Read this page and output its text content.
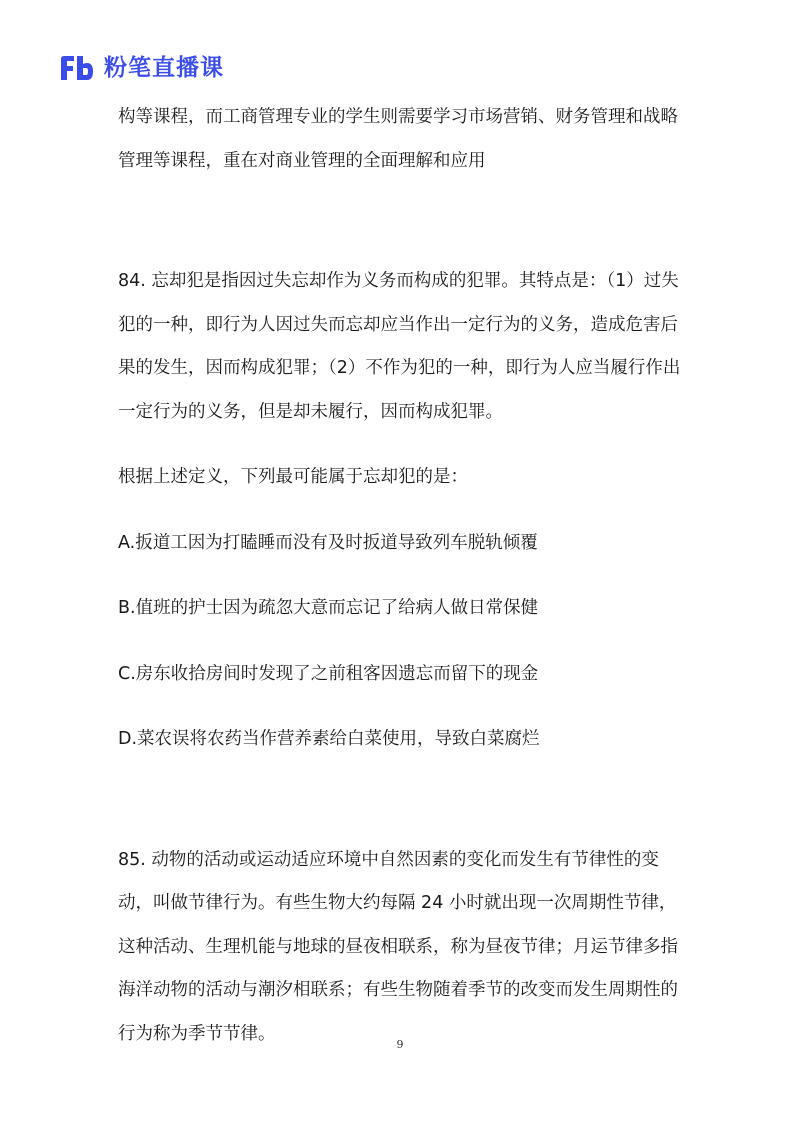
粉笔直播课

构等课程，而工商管理专业的学生则需要学习市场营销、财务管理和战略管理等课程，重在对商业管理的全面理解和应用

84. 忘却犯是指因过失忘却作为义务而构成的犯罪。其特点是：（1）过失犯的一种，即行为人因过失而忘却应当作出一定行为的义务，造成危害后果的发生，因而构成犯罪；（2）不作为犯的一种，即行为人应当履行作出一定行为的义务，但是却未履行，因而构成犯罪。

根据上述定义，下列最可能属于忘却犯的是：

A.扳道工因为打瞌睡而没有及时扳道导致列车脱轨倾覆

B.值班的护士因为疏忽大意而忘记了给病人做日常保健

C.房东收拾房间时发现了之前租客因遗忘而留下的现金

D.菜农误将农药当作营养素给白菜使用，导致白菜腐烂

85. 动物的活动或运动适应环境中自然因素的变化而发生有节律性的变动，叫做节律行为。有些生物大约每隔 24 小时就出现一次周期性节律，这种活动、生理机能与地球的昼夜相联系，称为昼夜节律；月运节律多指海洋动物的活动与潮汐相联系；有些生物随着季节的改变而发生周期性的行为称为季节节律。

9
